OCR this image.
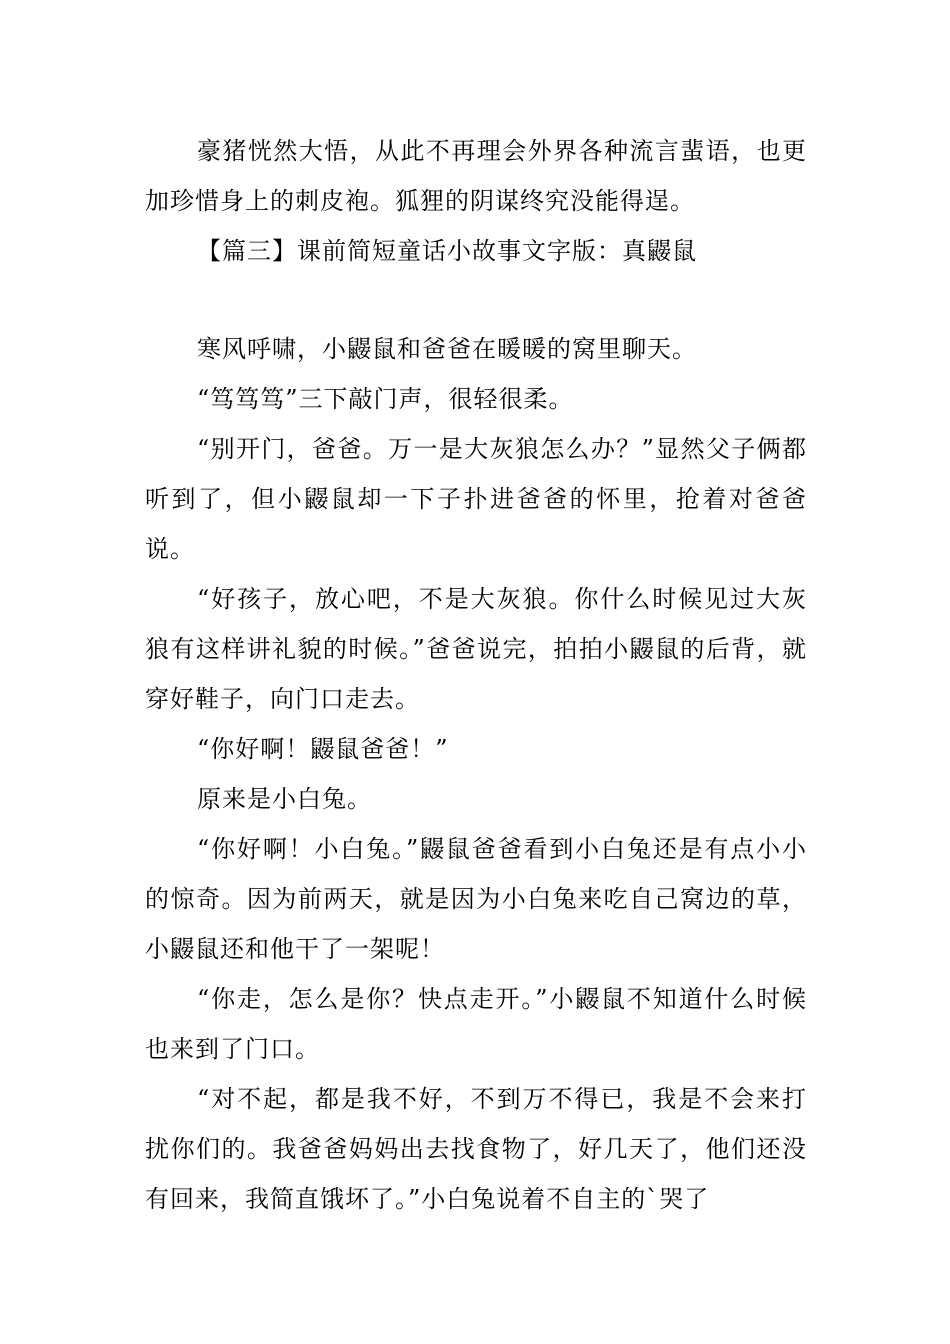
豪猪恍然大悟，从此不再理会外界各种流言蜚语，也更加珍惜身上的刺皮袍。狐狸的阴谋终究没能得逞。

【篇三】课前简短童话小故事文字版：真鼹鼠

寒风呼啸，小鼹鼠和爸爸在暖暖的窝里聊天。

“笃笃笃”三下敲门声，很轻很柔。

“别开门，爸爸。万一是大灰狼怎么办？”显然父子俩都听到了，但小鼹鼠却一下子扑进爸爸的怀里，抢着对爸爸说。

“好孩子，放心吧，不是大灰狼。你什么时候见过大灰狼有这样讲礼貌的时候。”爸爸说完，拍拍小鼹鼠的后背，就穿好鞋子，向门口走去。

“你好啊！鼹鼠爸爸！”

原来是小白兔。

“你好啊！小白兔。”鼹鼠爸爸看到小白兔还是有点小小的惊奇。因为前两天，就是因为小白兔来吃自己窝边的草，小鼹鼠还和他干了一架呢！

“你走，怎么是你？快点走开。”小鼹鼠不知道什么时候也来到了门口。

“对不起，都是我不好，不到万不得已，我是不会来打扰你们的。我爸爸妈妈出去找食物了，好几天了，他们还没有回来，我简直饿坏了。”小白兔说着不自主的`哭了
